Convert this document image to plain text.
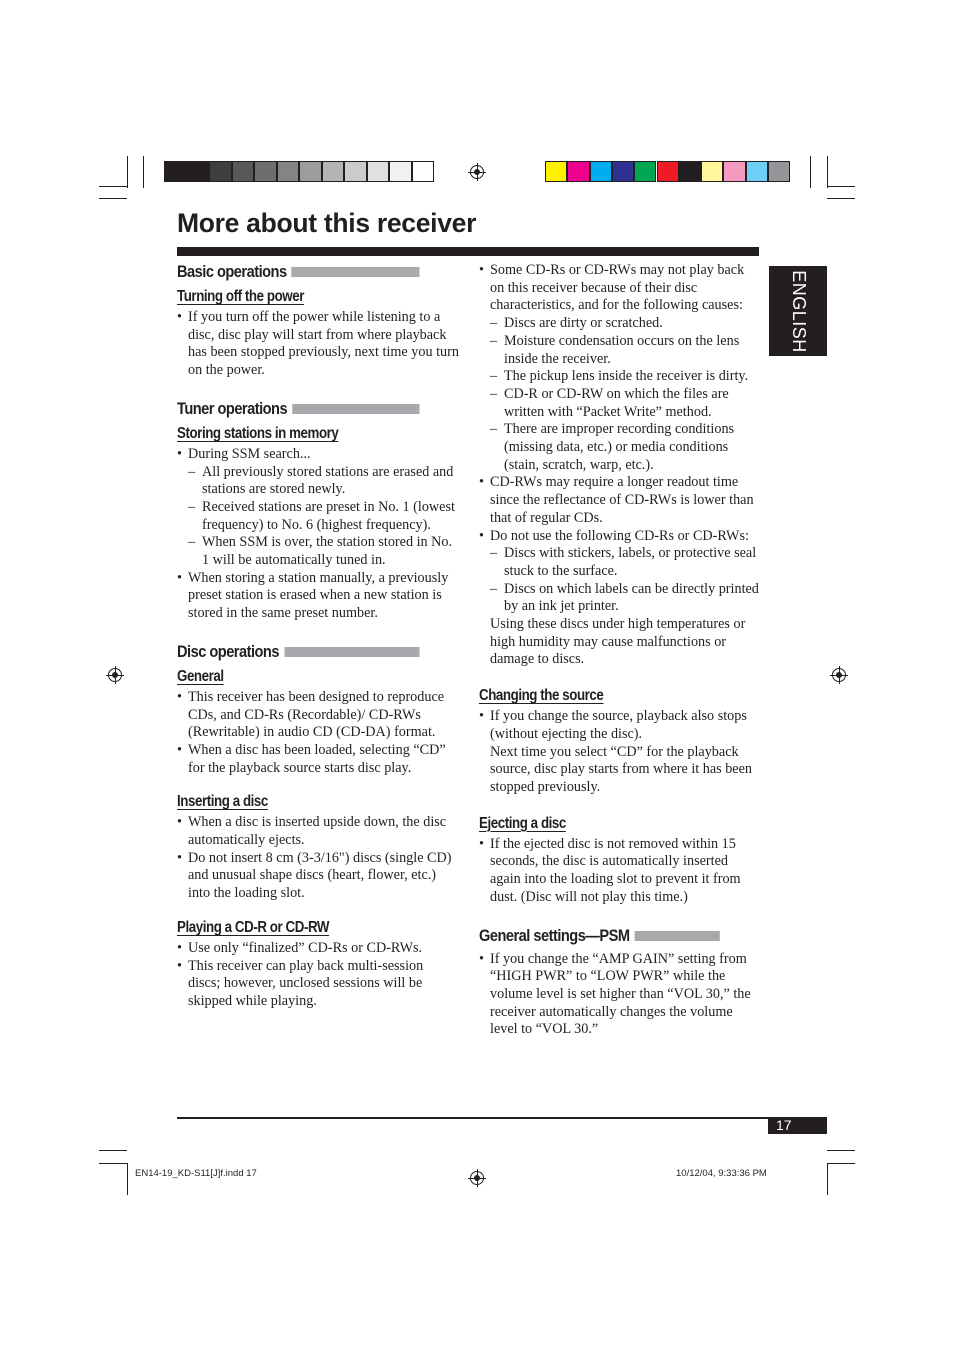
More about this receiver
ENGLISH
Basic operations
Turning off the power
• If you turn off the power while listening to a disc, disc play will start from where playback has been stopped previously, next time you turn on the power.
Tuner operations
Storing stations in memory
• During SSM search...
– All previously stored stations are erased and stations are stored newly.
– Received stations are preset in No. 1 (lowest frequency) to No. 6 (highest frequency).
– When SSM is over, the station stored in No. 1 will be automatically tuned in.
• When storing a station manually, a previously preset station is erased when a new station is stored in the same preset number.
Disc operations
General
• This receiver has been designed to reproduce CDs, and CD-Rs (Recordable)/ CD-RWs (Rewritable) in audio CD (CD-DA) format.
• When a disc has been loaded, selecting “CD” for the playback source starts disc play.
Inserting a disc
• When a disc is inserted upside down, the disc automatically ejects.
• Do not insert 8 cm (3-3/16") discs (single CD) and unusual shape discs (heart, flower, etc.) into the loading slot.
Playing a CD-R or CD-RW
• Use only “finalized” CD-Rs or CD-RWs.
• This receiver can play back multi-session discs; however, unclosed sessions will be skipped while playing.
• Some CD-Rs or CD-RWs may not play back on this receiver because of their disc characteristics, and for the following causes:
– Discs are dirty or scratched.
– Moisture condensation occurs on the lens inside the receiver.
– The pickup lens inside the receiver is dirty.
– CD-R or CD-RW on which the files are written with “Packet Write” method.
– There are improper recording conditions (missing data, etc.) or media conditions (stain, scratch, warp, etc.).
• CD-RWs may require a longer readout time since the reflectance of CD-RWs is lower than that of regular CDs.
• Do not use the following CD-Rs or CD-RWs:
– Discs with stickers, labels, or protective seal stuck to the surface.
– Discs on which labels can be directly printed by an ink jet printer.
Using these discs under high temperatures or high humidity may cause malfunctions or damage to discs.
Changing the source
• If you change the source, playback also stops (without ejecting the disc).
Next time you select “CD” for the playback source, disc play starts from where it has been stopped previously.
Ejecting a disc
• If the ejected disc is not removed within 15 seconds, the disc is automatically inserted again into the loading slot to prevent it from dust. (Disc will not play this time.)
General settings—PSM
• If you change the “AMP GAIN” setting from “HIGH PWR” to “LOW PWR” while the volume level is set higher than “VOL 30,” the receiver automatically changes the volume level to “VOL 30.”
17
EN14-19_KD-S11[J]f.indd 17	10/12/04, 9:33:36 PM
